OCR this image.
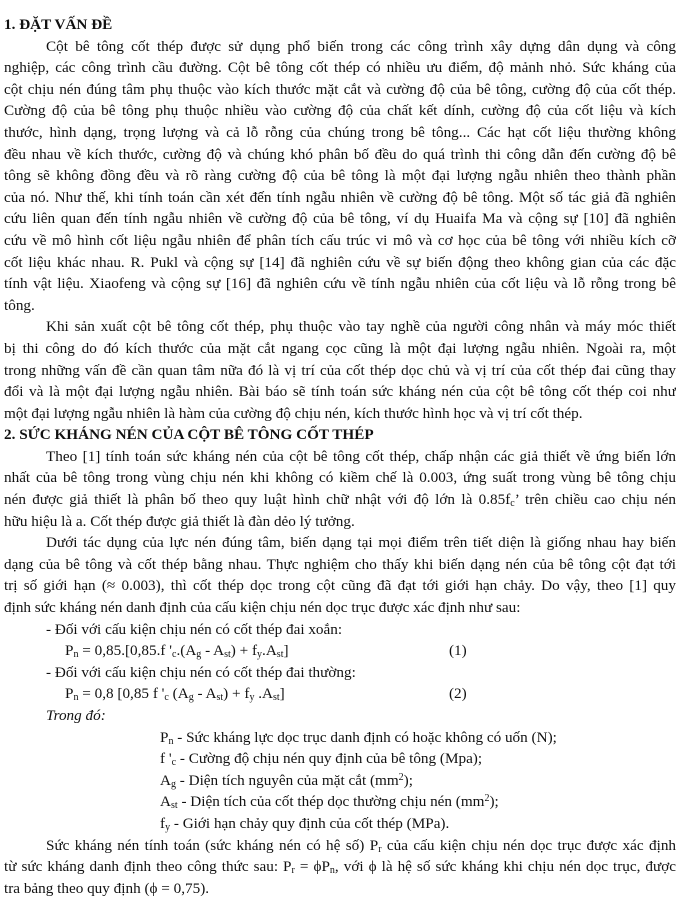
1. ĐẶT VẤN ĐỀ
Cột bê tông cốt thép được sử dụng phổ biến trong các công trình xây dựng dân dụng và công
nghiệp, các công trình cầu đường. Cột bê tông cốt thép có nhiều ưu điểm, độ mảnh nhỏ. Sức kháng của
cột chịu nén đúng tâm phụ thuộc vào kích thước mặt cắt và cường độ của bê tông, cường độ của cốt thép.
Cường độ của bê tông phụ thuộc nhiều vào cường độ của chất kết dính, cường độ của cốt liệu và kích
thước, hình dạng, trọng lượng và cả lỗ rỗng của chúng trong bê tông... Các hạt cốt liệu thường không
đều nhau về kích thước, cường độ và chúng khó phân bố đều do quá trình thi công dẫn đến cường độ bê
tông sẽ không đồng đều và rõ ràng cường độ của bê tông là một đại lượng ngẫu nhiên theo thành phần
của nó. Như thế, khi tính toán cần xét đến tính ngẫu nhiên về cường độ bê tông. Một số tác giả đã nghiên
cứu liên quan đến tính ngẫu nhiên về cường độ của bê tông, ví dụ Huaifa Ma và cộng sự [10] đã nghiên
cứu về mô hình cốt liệu ngẫu nhiên để phân tích cấu trúc vi mô và cơ học của bê tông với nhiều kích cỡ
cốt liệu khác nhau. R. Pukl và cộng sự [14] đã nghiên cứu về sự biến động theo không gian của các đặc
tính vật liệu. Xiaofeng và cộng sự [16] đã nghiên cứu về tính ngẫu nhiên của cốt liệu và lỗ rỗng trong bê
tông.
Khi sản xuất cột bê tông cốt thép, phụ thuộc vào tay nghề của người công nhân và máy móc thiết
bị thi công do đó kích thước của mặt cắt ngang cọc cũng là một đại lượng ngẫu nhiên. Ngoài ra, một
trong những vấn đề cần quan tâm nữa đó là vị trí của cốt thép dọc chủ và vị trí của cốt thép đai cũng thay
đổi và là một đại lượng ngẫu nhiên. Bài báo sẽ tính toán sức kháng nén của cột bê tông cốt thép coi như
một đại lượng ngẫu nhiên là hàm của cường độ chịu nén, kích thước hình học và vị trí cốt thép.
2. SỨC KHÁNG NÉN CỦA CỘT BÊ TÔNG CỐT THÉP
Theo [1] tính toán sức kháng nén của cột bê tông cốt thép, chấp nhận các giả thiết về ứng biến lớn
nhất của bê tông trong vùng chịu nén khi không có kiềm chế là 0.003, ứng suất trong vùng bê tông chịu
nén được giả thiết là phân bố theo quy luật hình chữ nhật với độ lớn là $0.85f_c$’ trên chiều cao chịu nén
hữu hiệu là a. Cốt thép được giả thiết là đàn dẻo lý tưởng.
Dưới tác dụng của lực nén đúng tâm, biến dạng tại mọi điểm trên tiết diện là giống nhau hay biến
dạng của bê tông và cốt thép bằng nhau. Thực nghiệm cho thấy khi biến dạng nén của bê tông cột đạt tới
trị số giới hạn (≈ 0.003), thì cốt thép dọc trong cột cũng đã đạt tới giới hạn chảy. Do vậy, theo [1] quy
định sức kháng nén danh định của cấu kiện chịu nén dọc trục được xác định như sau:
- Đối với cấu kiện chịu nén có cốt thép đai xoắn:
$P_n = 0,85.[0,85.f$ '$_c.(A_g - A_{st}) + f_y.A_{st}$]	(1)
- Đối với cấu kiện chịu nén có cốt thép đai thường:
$P_n = 0,8$ [0,85 f '$_c$ $(A_g - A_{st}) + f_y$ $.A_{st}$]	(2)
Trong đó:
$P_n$ - Sức kháng lực dọc trục danh định có hoặc không có uốn (N);
f '$_c$ - Cường độ chịu nén quy định của bê tông (Mpa);
$A_g$ - Diện tích nguyên của mặt cắt $(mm^2)$;
$A_{st}$ - Diện tích của cốt thép dọc thường chịu nén $(mm^2)$;
$f_y$ - Giới hạn chảy quy định của cốt thép (MPa).
Sức kháng nén tính toán (sức kháng nén có hệ số) $P_r$ của cấu kiện chịu nén dọc trục được xác định
từ sức kháng danh định theo công thức sau: $P_r = \phi P_n$, với ϕ là hệ số sức kháng khi chịu nén dọc trục, được
tra bảng theo quy định (ϕ = 0,75).
